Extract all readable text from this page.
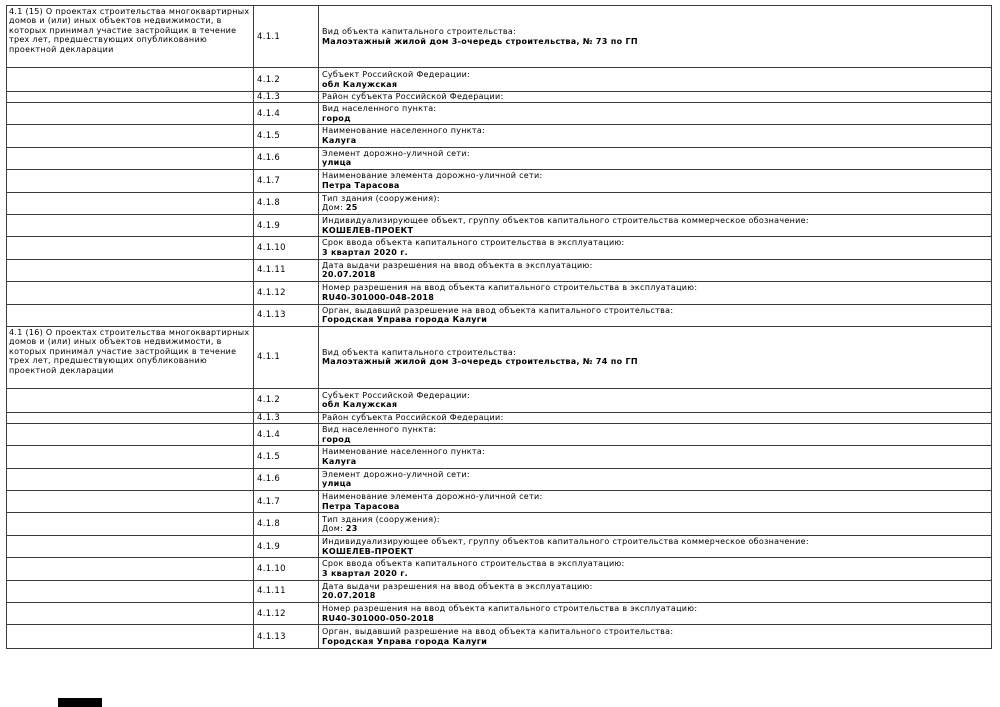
4.1 (15) О проектах строительства многоквартирных домов и (или) иных объектов недвижимости, в которых принимал участие застройщик в течение трех лет, предшествующих опубликованию проектной декларации
4.1.1
Вид объекта капитального строительства:
Малоэтажный жилой дом 3-очередь строительства, № 73 по ГП
4.1.2
Субъект Российской Федерации:
обл Калужская
4.1.3	Район субъекта Российской Федерации:
4.1.4
Вид населенного пункта:
город
4.1.5
Наименование населенного пункта:
Калуга
4.1.6
Элемент дорожно-уличной сети:
улица
4.1.7
Наименование элемента дорожно-уличной сети:
Петра Тарасова
4.1.8
Тип здания (сооружения):
Дом: 25
4.1.9
Индивидуализирующее объект, группу объектов капитального строительства коммерческое обозначение:
КОШЕЛЕВ-ПРОЕКТ
4.1.10
Срок ввода объекта капитального строительства в эксплуатацию:
3 квартал 2020 г.
4.1.11
Дата выдачи разрешения на ввод объекта в эксплуатацию:
20.07.2018
4.1.12
Номер разрешения на ввод объекта капитального строительства в эксплуатацию:
RU40-301000-048-2018
4.1.13
Орган, выдавший разрешение на ввод объекта капитального строительства:
Городская Управа города Калуги
4.1 (16) О проектах строительства многоквартирных домов и (или) иных объектов недвижимости, в которых принимал участие застройщик в течение трех лет, предшествующих опубликованию проектной декларации
4.1.1
Вид объекта капитального строительства:
Малоэтажный жилой дом 3-очередь строительства, № 74 по ГП
4.1.2
Субъект Российской Федерации:
обл Калужская
4.1.3	Район субъекта Российской Федерации:
4.1.4
Вид населенного пункта:
город
4.1.5
Наименование населенного пункта:
Калуга
4.1.6
Элемент дорожно-уличной сети:
улица
4.1.7
Наименование элемента дорожно-уличной сети:
Петра Тарасова
4.1.8
Тип здания (сооружения):
Дом: 23
4.1.9
Индивидуализирующее объект, группу объектов капитального строительства коммерческое обозначение:
КОШЕЛЕВ-ПРОЕКТ
4.1.10
Срок ввода объекта капитального строительства в эксплуатацию:
3 квартал 2020 г.
4.1.11
Дата выдачи разрешения на ввод объекта в эксплуатацию:
20.07.2018
4.1.12
Номер разрешения на ввод объекта капитального строительства в эксплуатацию:
RU40-301000-050-2018
4.1.13
Орган, выдавший разрешение на ввод объекта капитального строительства:
Городская Управа города Калуги
